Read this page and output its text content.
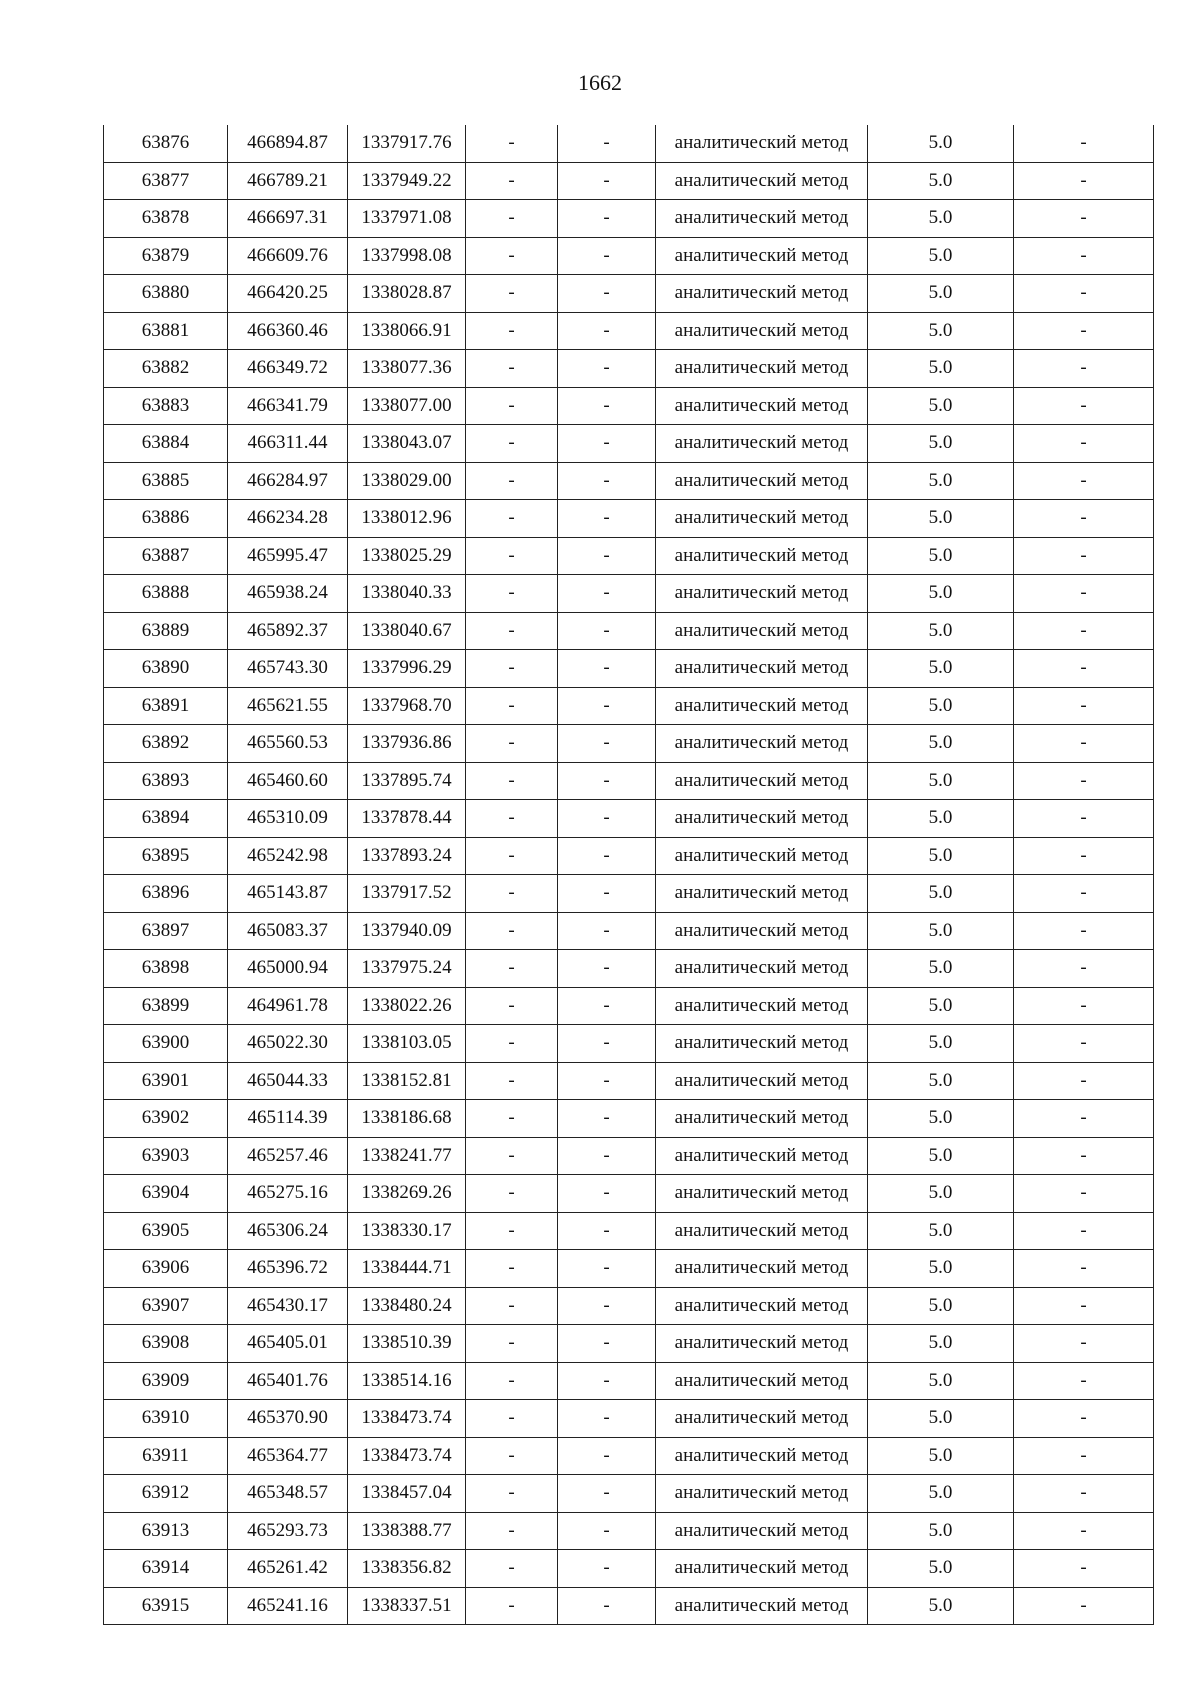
1662
63876	466894.87	1337917.76	-	-	аналитический метод	5.0	-
63877	466789.21	1337949.22	-	-	аналитический метод	5.0	-
63878	466697.31	1337971.08	-	-	аналитический метод	5.0	-
63879	466609.76	1337998.08	-	-	аналитический метод	5.0	-
63880	466420.25	1338028.87	-	-	аналитический метод	5.0	-
63881	466360.46	1338066.91	-	-	аналитический метод	5.0	-
63882	466349.72	1338077.36	-	-	аналитический метод	5.0	-
63883	466341.79	1338077.00	-	-	аналитический метод	5.0	-
63884	466311.44	1338043.07	-	-	аналитический метод	5.0	-
63885	466284.97	1338029.00	-	-	аналитический метод	5.0	-
63886	466234.28	1338012.96	-	-	аналитический метод	5.0	-
63887	465995.47	1338025.29	-	-	аналитический метод	5.0	-
63888	465938.24	1338040.33	-	-	аналитический метод	5.0	-
63889	465892.37	1338040.67	-	-	аналитический метод	5.0	-
63890	465743.30	1337996.29	-	-	аналитический метод	5.0	-
63891	465621.55	1337968.70	-	-	аналитический метод	5.0	-
63892	465560.53	1337936.86	-	-	аналитический метод	5.0	-
63893	465460.60	1337895.74	-	-	аналитический метод	5.0	-
63894	465310.09	1337878.44	-	-	аналитический метод	5.0	-
63895	465242.98	1337893.24	-	-	аналитический метод	5.0	-
63896	465143.87	1337917.52	-	-	аналитический метод	5.0	-
63897	465083.37	1337940.09	-	-	аналитический метод	5.0	-
63898	465000.94	1337975.24	-	-	аналитический метод	5.0	-
63899	464961.78	1338022.26	-	-	аналитический метод	5.0	-
63900	465022.30	1338103.05	-	-	аналитический метод	5.0	-
63901	465044.33	1338152.81	-	-	аналитический метод	5.0	-
63902	465114.39	1338186.68	-	-	аналитический метод	5.0	-
63903	465257.46	1338241.77	-	-	аналитический метод	5.0	-
63904	465275.16	1338269.26	-	-	аналитический метод	5.0	-
63905	465306.24	1338330.17	-	-	аналитический метод	5.0	-
63906	465396.72	1338444.71	-	-	аналитический метод	5.0	-
63907	465430.17	1338480.24	-	-	аналитический метод	5.0	-
63908	465405.01	1338510.39	-	-	аналитический метод	5.0	-
63909	465401.76	1338514.16	-	-	аналитический метод	5.0	-
63910	465370.90	1338473.74	-	-	аналитический метод	5.0	-
63911	465364.77	1338473.74	-	-	аналитический метод	5.0	-
63912	465348.57	1338457.04	-	-	аналитический метод	5.0	-
63913	465293.73	1338388.77	-	-	аналитический метод	5.0	-
63914	465261.42	1338356.82	-	-	аналитический метод	5.0	-
63915	465241.16	1338337.51	-	-	аналитический метод	5.0	-
